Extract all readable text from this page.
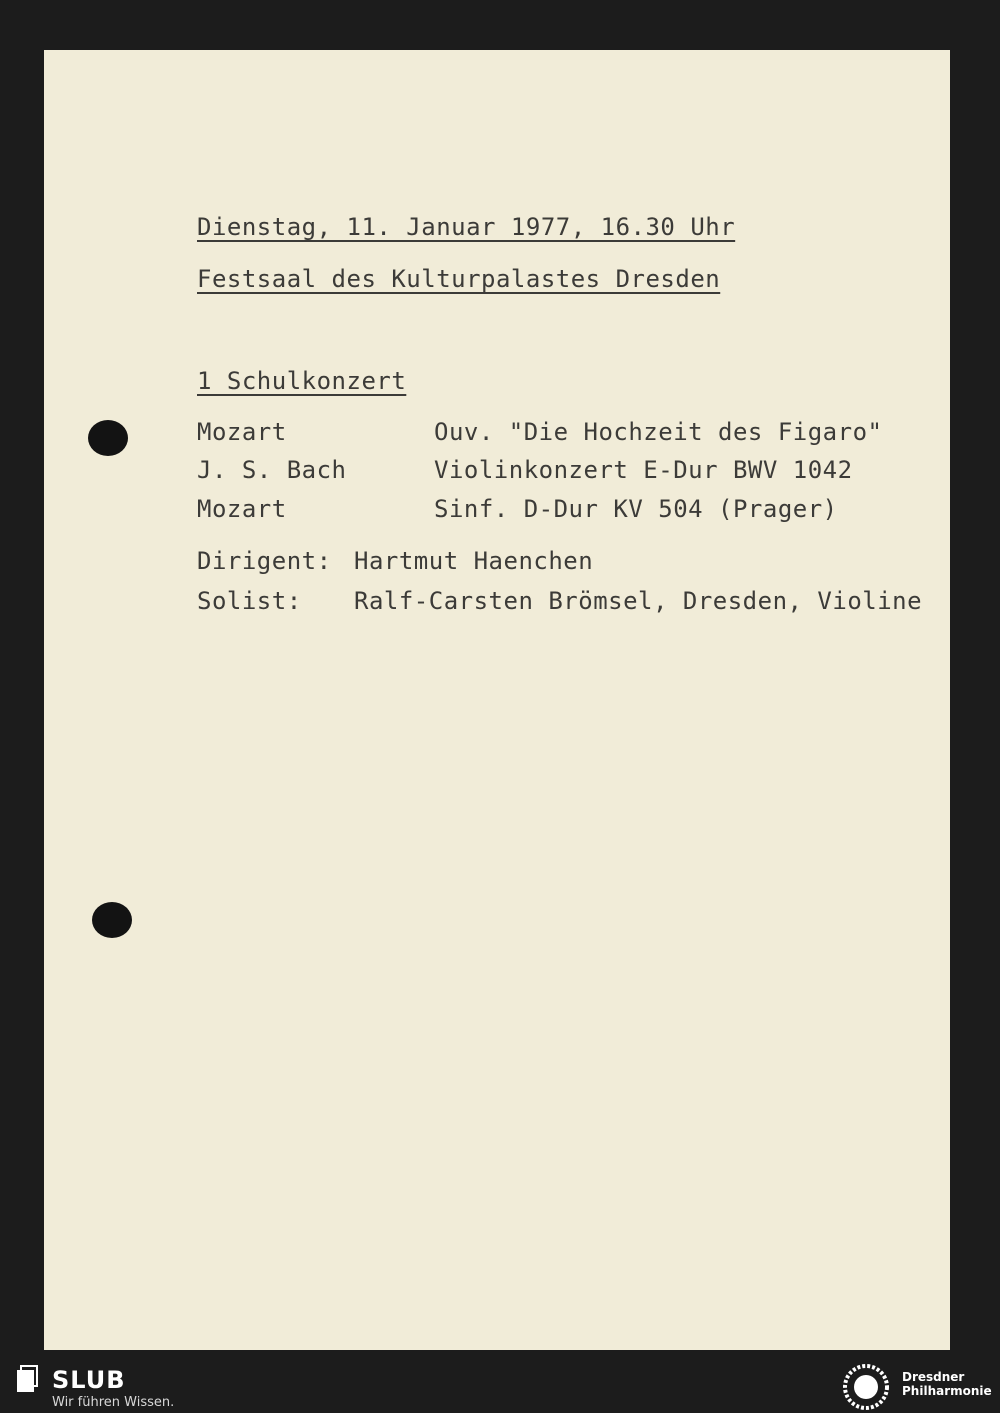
Dienstag, 11. Januar 1977, 16.30 Uhr
Festsaal des Kulturpalastes Dresden
1 Schulkonzert
Mozart	Ouv. "Die Hochzeit des Figaro"
J. S. Bach	Violinkonzert E-Dur BWV 1042
Mozart	Sinf. D-Dur KV 504 (Prager)
Dirigent: Hartmut Haenchen
Solist: Ralf-Carsten Brömsel, Dresden, Violine
SLUB
Wir führen Wissen.
Dresdner
Philharmonie
